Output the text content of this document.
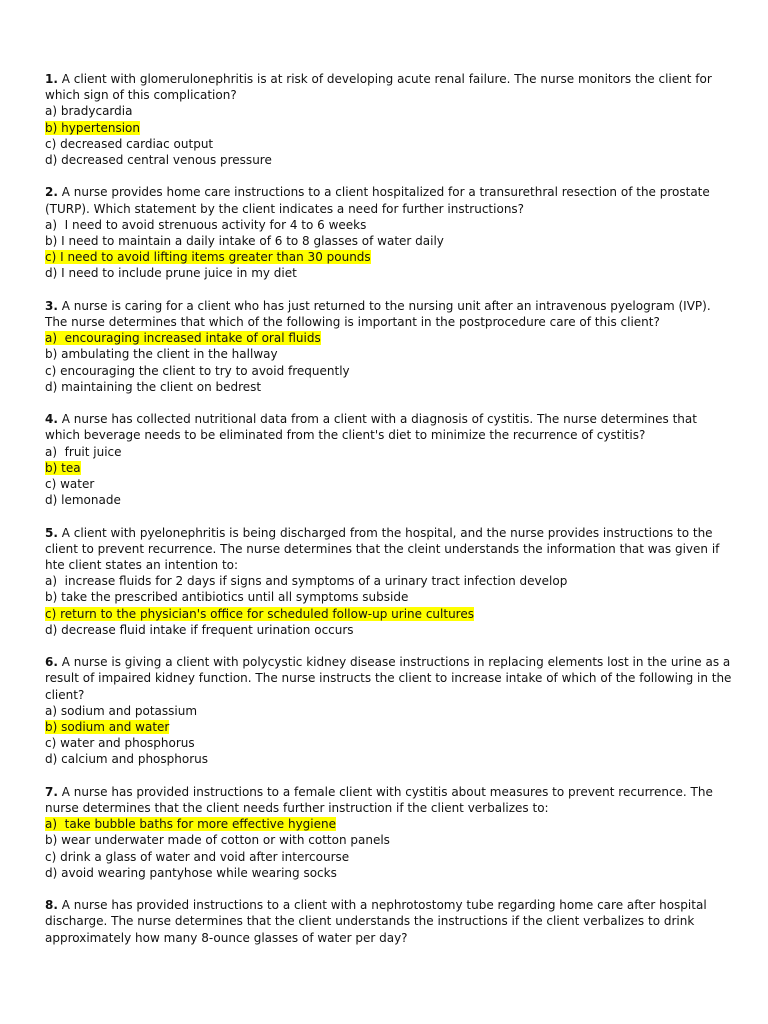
1. A client with glomerulonephritis is at risk of developing acute renal failure. The nurse monitors the client for which sign of this complication?

a) bradycardia
b) hypertension
c) decreased cardiac output
d) decreased central venous pressure

2. A nurse provides home care instructions to a client hospitalized for a transurethral resection of the prostate (TURP). Which statement by the client indicates a need for further instructions?

a)  I need to avoid strenuous activity for 4 to 6 weeks
b) I need to maintain a daily intake of 6 to 8 glasses of water daily
c) I need to avoid lifting items greater than 30 pounds
d) I need to include prune juice in my diet

3. A nurse is caring for a client who has just returned to the nursing unit after an intravenous pyelogram (IVP). The nurse determines that which of the following is important in the postprocedure care of this client?

a)  encouraging increased intake of oral fluids
b) ambulating the client in the hallway
c) encouraging the client to try to avoid frequently
d) maintaining the client on bedrest

4. A nurse has collected nutritional data from a client with a diagnosis of cystitis. The nurse determines that which beverage needs to be eliminated from the client's diet to minimize the recurrence of cystitis?

a)  fruit juice
b) tea
c) water
d) lemonade

5. A client with pyelonephritis is being discharged from the hospital, and the nurse provides instructions to the client to prevent recurrence. The nurse determines that the cleint understands the information that was given if hte client states an intention to:

a)  increase fluids for 2 days if signs and symptoms of a urinary tract infection develop
b) take the prescribed antibiotics until all symptoms subside
c) return to the physician's office for scheduled follow-up urine cultures
d) decrease fluid intake if frequent urination occurs

6. A nurse is giving a client with polycystic kidney disease instructions in replacing elements lost in the urine as a result of impaired kidney function. The nurse instructs the client to increase intake of which of the following in the client?

a) sodium and potassium
b) sodium and water
c) water and phosphorus
d) calcium and phosphorus

7. A nurse has provided instructions to a female client with cystitis about measures to prevent recurrence. The nurse determines that the client needs further instruction if the client verbalizes to:

a)  take bubble baths for more effective hygiene
b) wear underwater made of cotton or with cotton panels
c) drink a glass of water and void after intercourse
d) avoid wearing pantyhose while wearing socks

8. A nurse has provided instructions to a client with a nephrotostomy tube regarding home care after hospital discharge. The nurse determines that the client understands the instructions if the client verbalizes to drink approximately how many 8-ounce glasses of water per day?
